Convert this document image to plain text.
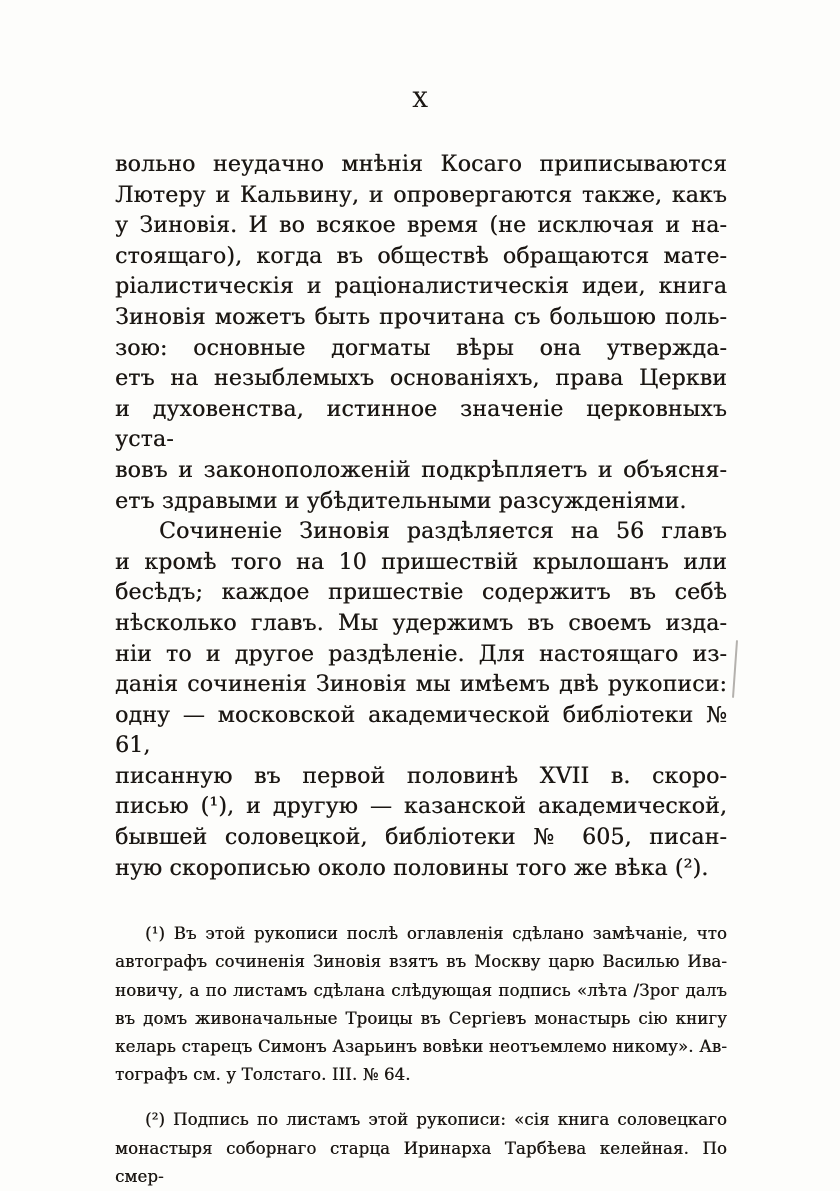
X
вольно неудачно мнѣнія Косаго приписываются
Лютеру и Кальвину, и опровергаются также, какъ
у Зиновія. И во всякое время (не исключая и на-
стоящаго), когда въ обществѣ обращаются мате-
ріалистическія и раціоналистическія идеи, книга
Зиновія можетъ быть прочитана съ большою поль-
зою: основные догматы вѣры она утвержда-
етъ на незыблемыхъ основаніяхъ, права Церкви
и духовенства, истинное значеніе церковныхъ уста-
вовъ и законоположеній подкрѣпляетъ и объясня-
етъ здравыми и убѣдительными разсужденіями.
Сочиненіе Зиновія раздѣляется на 56 главъ
и кромѣ того на 10 пришествій крылошанъ или
бесѣдъ; каждое пришествіе содержитъ въ себѣ
нѣсколько главъ. Мы удержимъ въ своемъ изда-
ніи то и другое раздѣленіе. Для настоящаго из-
данія сочиненія Зиновія мы имѣемъ двѣ рукописи:
одну — московской академической библіотеки № 61,
писанную въ первой половинѣ XVII в. скоро-
писью (¹), и другую — казанской академической,
бывшей соловецкой, библіотеки № 605, писан-
ную скорописью около половины того же вѣка (²).
(¹) Въ этой рукописи послѣ оглавленія сдѣлано замѣчаніе, что
автографъ сочиненія Зиновія взятъ въ Москву царю Василью Ива-
новичу, а по листамъ сдѣлана слѣдующая подпись «лѣта /Зрог далъ
въ домъ живоначальные Троицы въ Сергіевъ монастырь сію книгу
келарь старецъ Симонъ Азарьинъ вовѣки неотъемлемо никому». Ав-
тографъ см. у Толстаго. III. № 64.
(²) Подпись по листамъ этой рукописи: «сія книга соловецкаго
монастыря соборнаго старца Иринарха Тарбѣева келейная. По смер-
